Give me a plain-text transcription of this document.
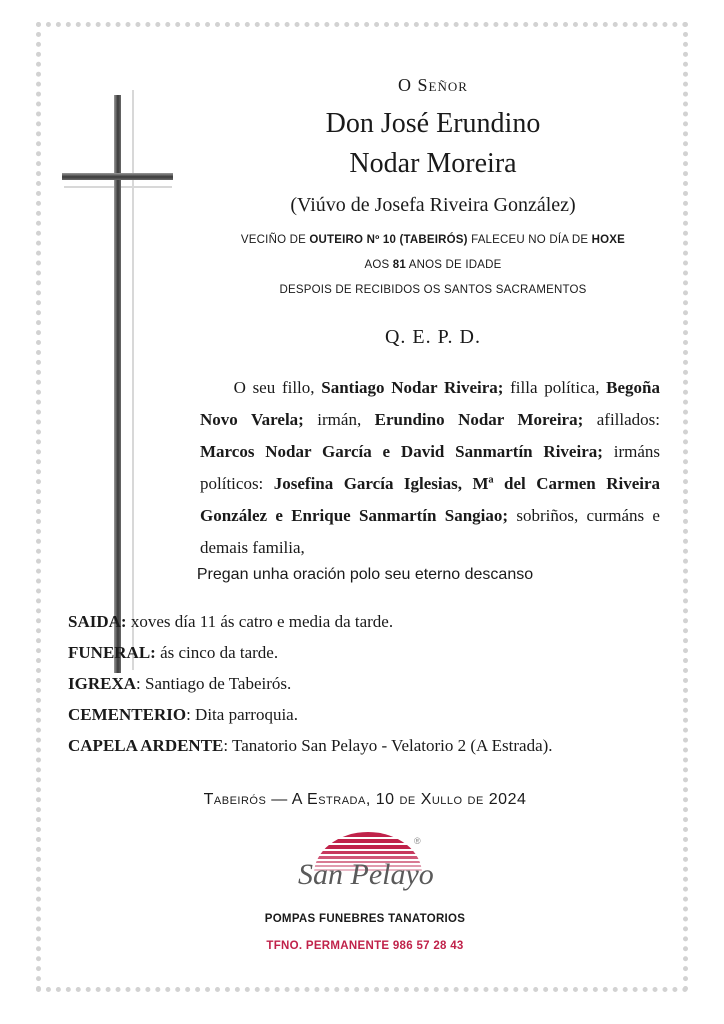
O Señor
Don José Erundino
Nodar Moreira
(Viúvo de Josefa Riveira González)
VECIÑO DE OUTEIRO Nº 10 (TABEIRÓS) FALECEU NO DÍA DE HOXE
AOS 81 ANOS DE IDADE
DESPOIS DE RECIBIDOS OS SANTOS SACRAMENTOS
Q. E. P. D.
O seu fillo, Santiago Nodar Riveira; filla política, Begoña Novo Varela; irmán, Erundino Nodar Moreira; afillados: Marcos Nodar García e David Sanmartín Riveira; irmáns políticos: Josefina García Iglesias, Mª del Carmen Riveira González e Enrique Sanmartín Sangiao; sobriños, curmáns e demais familia,
Pregan unha oración polo seu eterno descanso
SAIDA: xoves día 11 ás catro e media da tarde.
FUNERAL: ás cinco da tarde.
IGREXA: Santiago de Tabeirós.
CEMENTERIO: Dita parroquia.
CAPELA ARDENTE: Tanatorio San Pelayo - Velatorio 2 (A Estrada).
Tabeirós — A Estrada, 10 de Xullo de 2024
San Pelayo
®
POMPAS FUNEBRES TANATORIOS
TFNO. PERMANENTE 986 57 28 43
